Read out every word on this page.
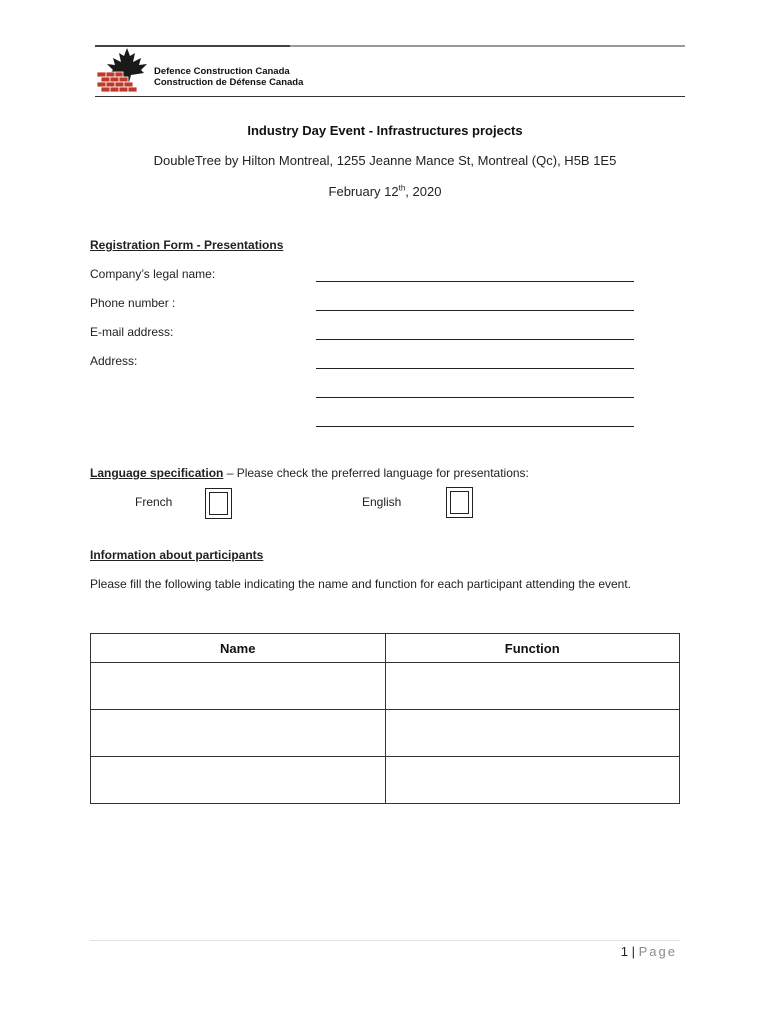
Defence Construction Canada
Construction de Défense Canada
Industry Day Event - Infrastructures projects
DoubleTree by Hilton Montreal, 1255 Jeanne Mance St, Montreal (Qc), H5B 1E5
February 12th, 2020
Registration Form - Presentations
Company’s legal name:
Phone number :
E-mail address:
Address:
Language specification – Please check the preferred language for presentations:
French	English
Information about participants
Please fill the following table indicating the name and function for each participant attending the event.
Name	Function

1 | Page
